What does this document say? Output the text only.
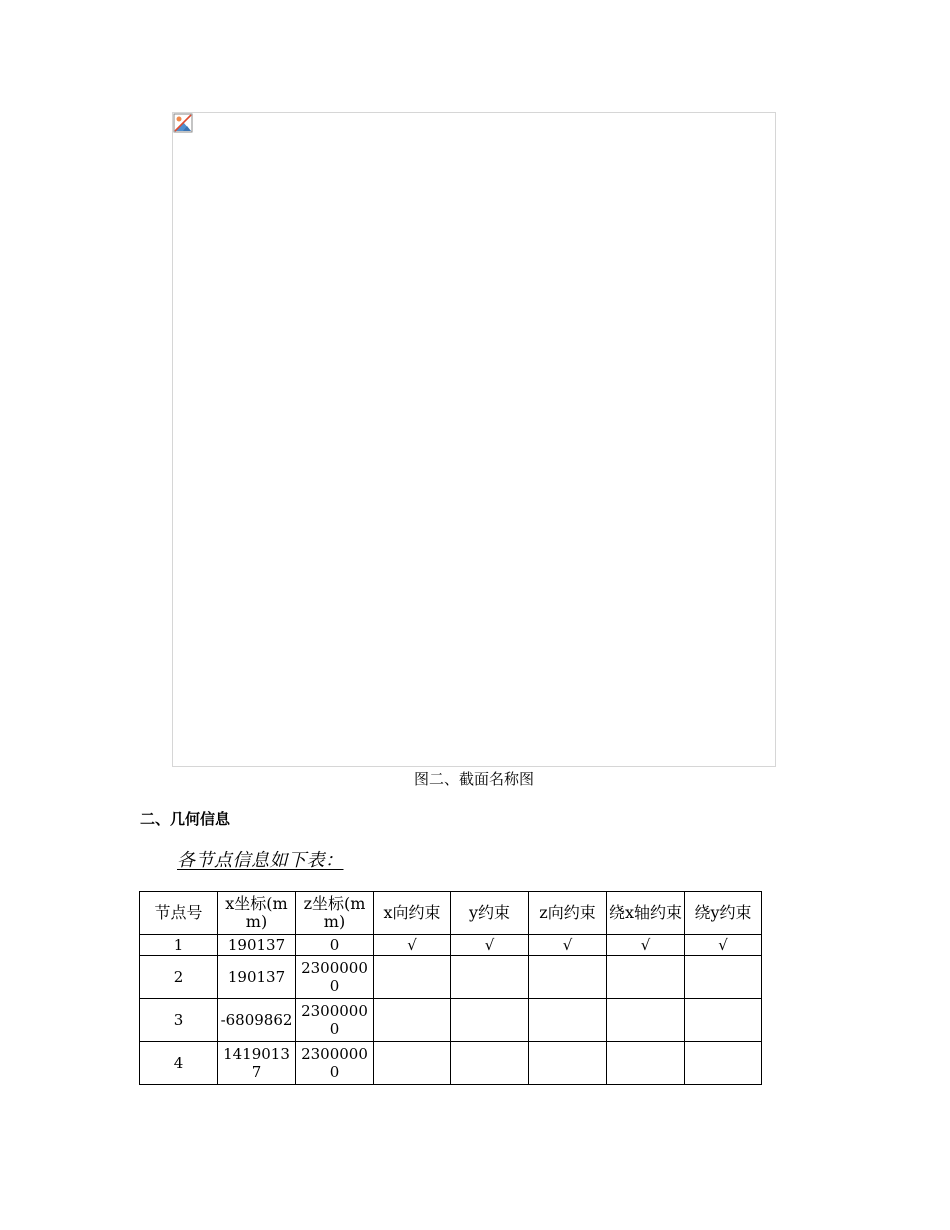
图二、截面名称图
二、几何信息
各节点信息如下表：
节点号	x坐标(mm)	z坐标(mm)	x向约束	y约束	z向约束	绕x轴约束	绕y约束
1	190137	0	√	√	√	√	√
2	190137	23000000					
3	-6809862	23000000					
4	14190137	23000000					
